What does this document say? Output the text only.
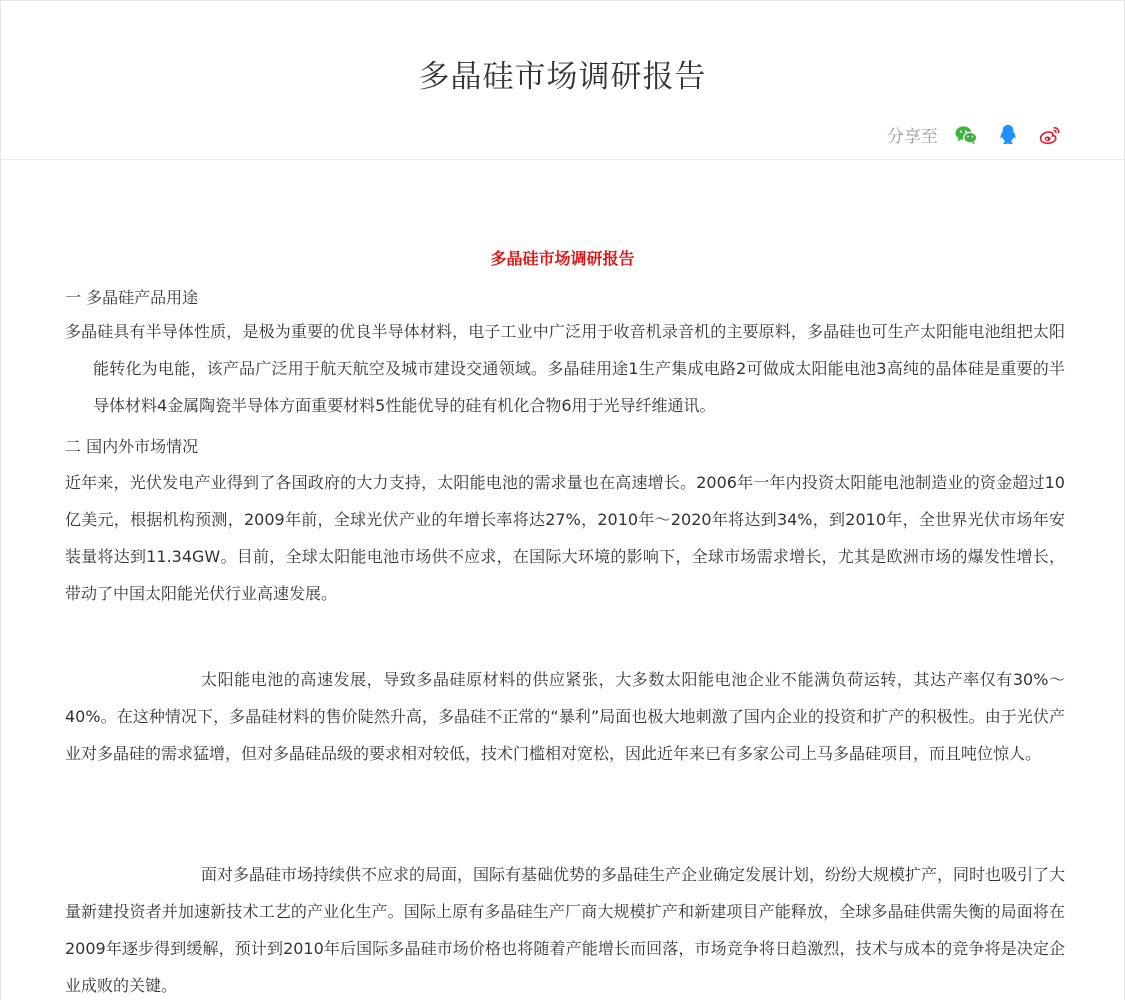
多晶硅市场调研报告
分享至
多晶硅市场调研报告
一 多晶硅产品用途
多晶硅具有半导体性质，是极为重要的优良半导体材料，电子工业中广泛用于收音机录音机的主要原料，多晶硅也可生产太阳能电池组把太阳能转化为电能，该产品广泛用于航天航空及城市建设交通领域。多晶硅用途1生产集成电路2可做成太阳能电池3高纯的晶体硅是重要的半导体材料4金属陶瓷半导体方面重要材料5性能优导的硅有机化合物6用于光导纤维通讯。
二 国内外市场情况
近年来，光伏发电产业得到了各国政府的大力支持，太阳能电池的需求量也在高速增长。2006年一年内投资太阳能电池制造业的资金超过10亿美元，根据机构预测，2009年前，全球光伏产业的年增长率将达27%，2010年～2020年将达到34%，到2010年，全世界光伏市场年安装量将达到11.34GW。目前，全球太阳能电池市场供不应求，在国际大环境的影响下，全球市场需求增长，尤其是欧洲市场的爆发性增长，带动了中国太阳能光伏行业高速发展。
太阳能电池的高速发展，导致多晶硅原材料的供应紧张，大多数太阳能电池企业不能满负荷运转，其达产率仅有30%～40%。在这种情况下，多晶硅材料的售价陡然升高，多晶硅不正常的“暴利”局面也极大地刺激了国内企业的投资和扩产的积极性。由于光伏产业对多晶硅的需求猛增，但对多晶硅品级的要求相对较低，技术门槛相对宽松，因此近年来已有多家公司上马多晶硅项目，而且吨位惊人。
面对多晶硅市场持续供不应求的局面，国际有基础优势的多晶硅生产企业确定发展计划，纷纷大规模扩产，同时也吸引了大量新建投资者并加速新技术工艺的产业化生产。国际上原有多晶硅生产厂商大规模扩产和新建项目产能释放，全球多晶硅供需失衡的局面将在2009年逐步得到缓解，预计到2010年后国际多晶硅市场价格也将随着产能增长而回落，市场竞争将日趋激烈，技术与成本的竞争将是决定企业成败的关键。
